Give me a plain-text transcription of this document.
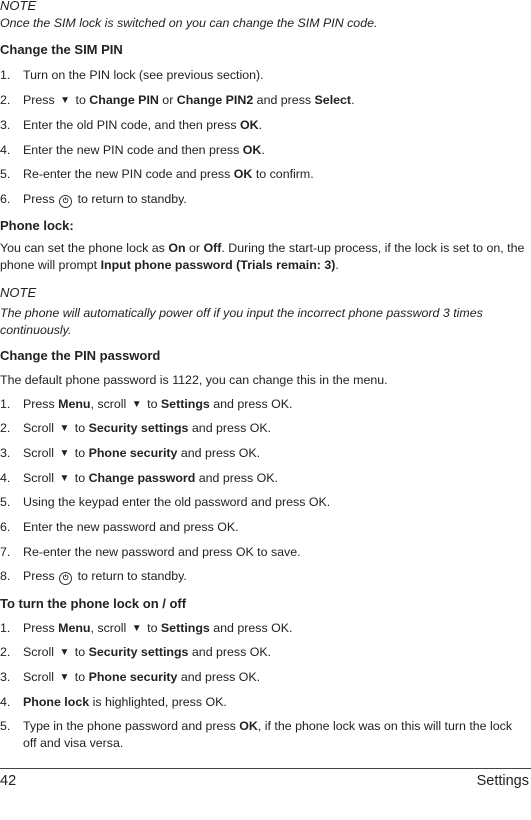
NOTE
Once the SIM lock is switched on you can change the SIM PIN code.
Change the SIM PIN
1. Turn on the PIN lock (see previous section).
2. Press ▼ to Change PIN or Change PIN2 and press Select.
3. Enter the old PIN code, and then press OK.
4. Enter the new PIN code and then press OK.
5. Re-enter the new PIN code and press OK to confirm.
6. Press ⏻ to return to standby.
Phone lock:
You can set the phone lock as On or Off. During the start-up process, if the lock is set to on, the phone will prompt Input phone password (Trials remain: 3).
NOTE
The phone will automatically power off if you input the incorrect phone password 3 times continuously.
Change the PIN password
The default phone password is 1122, you can change this in the menu.
1. Press Menu, scroll ▼ to Settings and press OK.
2. Scroll ▼ to Security settings and press OK.
3. Scroll ▼ to Phone security and press OK.
4. Scroll ▼ to Change password and press OK.
5. Using the keypad enter the old password and press OK.
6. Enter the new password and press OK.
7. Re-enter the new password and press OK to save.
8. Press ⏻ to return to standby.
To turn the phone lock on / off
1. Press Menu, scroll ▼ to Settings and press OK.
2. Scroll ▼ to Security settings and press OK.
3. Scroll ▼ to Phone security and press OK.
4. Phone lock is highlighted, press OK.
5. Type in the phone password and press OK, if the phone lock was on this will turn the lock off and visa versa.
42	Settings
